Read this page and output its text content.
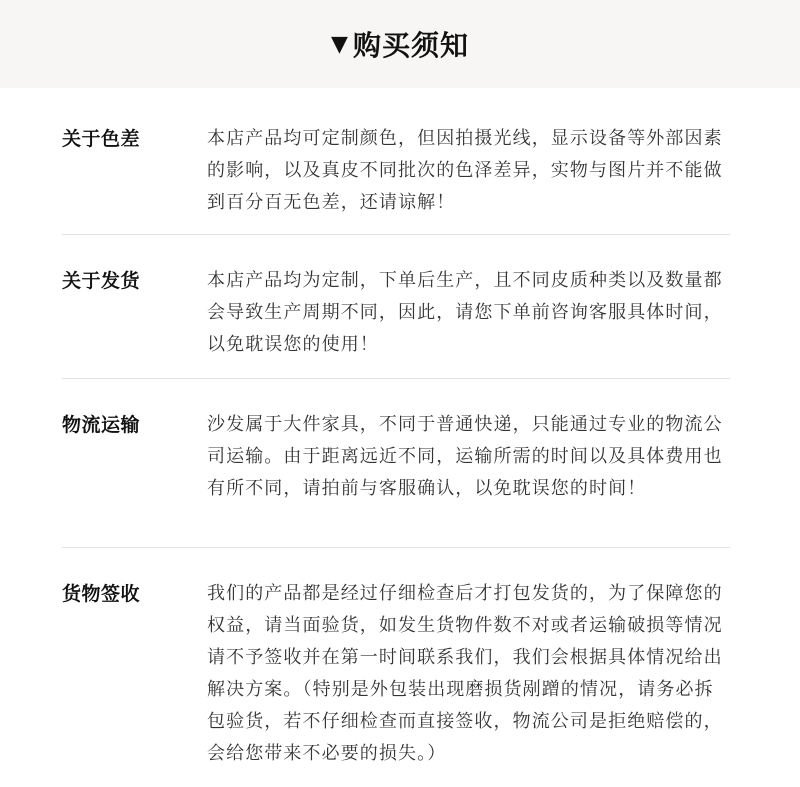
▼ 购买须知
关于色差	本店产品均可定制颜色，但因拍摄光线，显示设备等外部因素的影响，以及真皮不同批次的色泽差异，实物与图片并不能做到百分百无色差，还请谅解！
关于发货	本店产品均为定制，下单后生产，且不同皮质种类以及数量都会导致生产周期不同，因此，请您下单前咨询客服具体时间，以免耽误您的使用！
物流运输	沙发属于大件家具，不同于普通快递，只能通过专业的物流公司运输。由于距离远近不同，运输所需的时间以及具体费用也有所不同，请拍前与客服确认，以免耽误您的时间！
货物签收	我们的产品都是经过仔细检查后才打包发货的，为了保障您的权益，请当面验货，如发生货物件数不对或者运输破损等情况请不予签收并在第一时间联系我们，我们会根据具体情况给出解决方案。（特别是外包装出现磨损货剐蹭的情况，请务必拆包验货，若不仔细检查而直接签收，物流公司是拒绝赔偿的，会给您带来不必要的损失。）
